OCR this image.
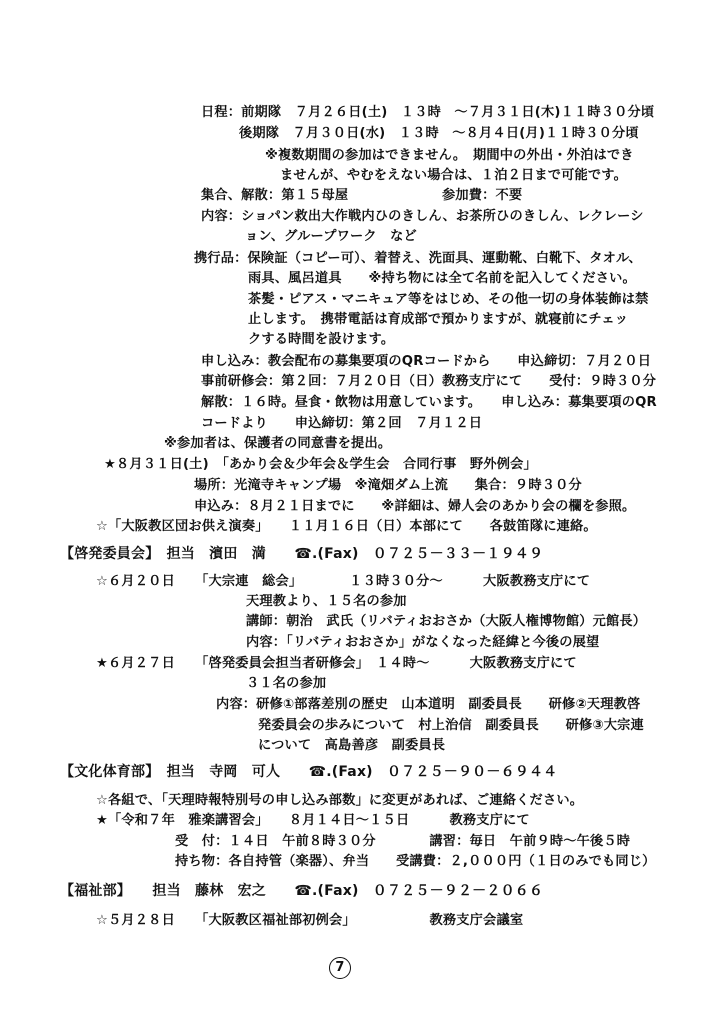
日程：前期隊　７月２６日(土)　１３時　～７月３１日(木)１１時３０分頃
後期隊　７月３０日(水)　１３時　～８月４日(月)１１時３０分頃
※複数期間の参加はできません。　期間中の外出・外泊はでき
ませんが、やむをえない場合は、１泊２日まで可能です。
集合、解散：第１５母屋　　　　　　　参加費：不要
内容：ショパン救出大作戦内ひのきしん、お茶所ひのきしん、レクレーシ
ョン、グループワーク　など
携行品：保険証（コピー可）、着替え、洗面具、運動靴、白靴下、タオル、
雨具、風呂道具　　※持ち物には全て名前を記入してください。
茶髪・ピアス・マニキュア等をはじめ、その他一切の身体装飾は禁
止します。　携帯電話は育成部で預かりますが、就寝前にチェッ
クする時間を設けます。
申し込み：教会配布の募集要項のQRコードから　　申込締切：７月２０日
事前研修会：第２回：７月２０日（日）教務支庁にて　　受付：９時３０分
解散：１６時。昼食・飲物は用意しています。　　申し込み：募集要項のQR
コードより　　申込締切：第２回　７月１２日
※参加者は、保護者の同意書を提出。
★８月３１日(土)　「あかり会＆少年会＆学生会　合同行事　野外例会」
場所：光滝寺キャンプ場　※滝畑ダム上流　　集合：９時３０分
申込み：８月２１日までに　　※詳細は、婦人会のあかり会の欄を参照。
☆「大阪教区団お供え演奏」　　１１月１６日（日）本部にて　　各鼓笛隊に連絡。
【啓発委員会】　担当　濱田　満　　☎.(Fax)　０７２５－３３－１９４９
☆６月２０日　　「大宗連　総会」　　　　１３時３０分～　　　大阪教務支庁にて
天理教より、１５名の参加
講師：朝治　武氏（リバティおおさか（大阪人権博物館）元館長）
内容：「リバティおおさか」がなくなった経緯と今後の展望
★６月２７日　　「啓発委員会担当者研修会」　１４時～　　　大阪教務支庁にて
３１名の参加
内容：研修①部落差別の歴史　山本道明　副委員長　　研修②天理教啓
発委員会の歩みについて　村上治信　副委員長　　研修③大宗連
について　高島善彦　副委員長
【文化体育部】　担当　寺岡　可人　　☎.(Fax)　０７２５－９０－６９４４
☆各組で、「天理時報特別号の申し込み部数」に変更があれば、ご連絡ください。
★「令和７年　雅楽講習会」　　８月１４日～１５日　　　教務支庁にて
受　付：１４日　午前８時３０分　　　　講習：毎日　午前９時～午後５時
持ち物：各自持管（楽器）、弁当　　受講費：２,０００円（１日のみでも同じ）
【福祉部】　　担当　藤林　宏之　　☎.(Fax)　０７２５－９２－２０６６
☆５月２８日　　「大阪教区福祉部初例会」　　　　　　教務支庁会議室
7
